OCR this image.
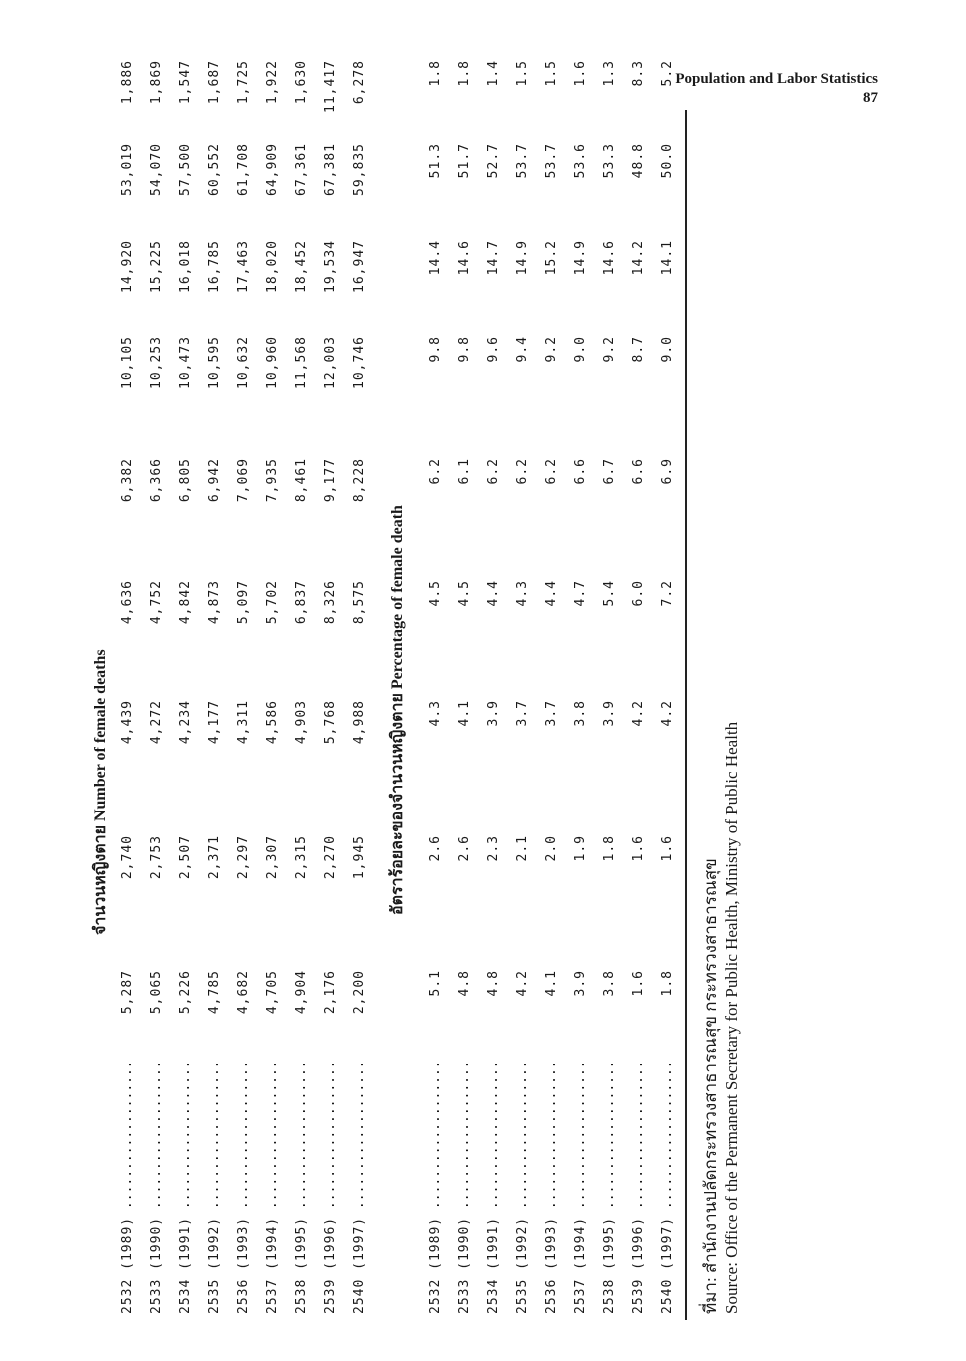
Population and Labor Statistics
87
จำนวนหญิงตาย Number of female deaths
2532 (1989) .....
5,287
2,740
4,439
4,636
6,382
10,105
14,920
53,019
1,886
2533 (1990) .....
5,065
2,753
4,272
4,752
6,366
10,253
15,225
54,070
1,869
2534 (1991) .....
5,226
2,507
4,234
4,842
6,805
10,473
16,018
57,500
1,547
2535 (1992) .....
4,785
2,371
4,177
4,873
6,942
10,595
16,785
60,552
1,687
2536 (1993) .....
4,682
2,297
4,311
5,097
7,069
10,632
17,463
61,708
1,725
2537 (1994) .....
4,705
2,307
4,586
5,702
7,935
10,960
18,020
64,909
1,922
2538 (1995) .....
4,904
2,315
4,903
6,837
8,461
11,568
18,452
67,361
1,630
2539 (1996) .....
2,176
2,270
5,768
8,326
9,177
12,003
19,534
67,381
11,417
2540 (1997) .....
2,200
1,945
4,988
8,575
8,228
10,746
16,947
59,835
6,278
อัตราร้อยละของจำนวนหญิงตาย Percentage of female death
2532 (1989) .....
5.1
2.6
4.3
4.5
6.2
9.8
14.4
51.3
1.8
2533 (1990) .....
4.8
2.6
4.1
4.5
6.1
9.8
14.6
51.7
1.8
2534 (1991) .....
4.8
2.3
3.9
4.4
6.2
9.6
14.7
52.7
1.4
2535 (1992) .....
4.2
2.1
3.7
4.3
6.2
9.4
14.9
53.7
1.5
2536 (1993) .....
4.1
2.0
3.7
4.4
6.2
9.2
15.2
53.7
1.5
2537 (1994) .....
3.9
1.9
3.8
4.7
6.6
9.0
14.9
53.6
1.6
2538 (1995) .....
3.8
1.8
3.9
5.4
6.7
9.2
14.6
53.3
1.3
2539 (1996) .....
1.6
1.6
4.2
6.0
6.6
8.7
14.2
48.8
8.3
2540 (1997) .....
1.8
1.6
4.2
7.2
6.9
9.0
14.1
50.0
5.2
ที่มา: สำนักงานปลัดกระทรวงสาธารณสุข กระทรวงสาธารณสุข Source: Office of the Permanent Secretary for Public Health, Ministry of Public Health
